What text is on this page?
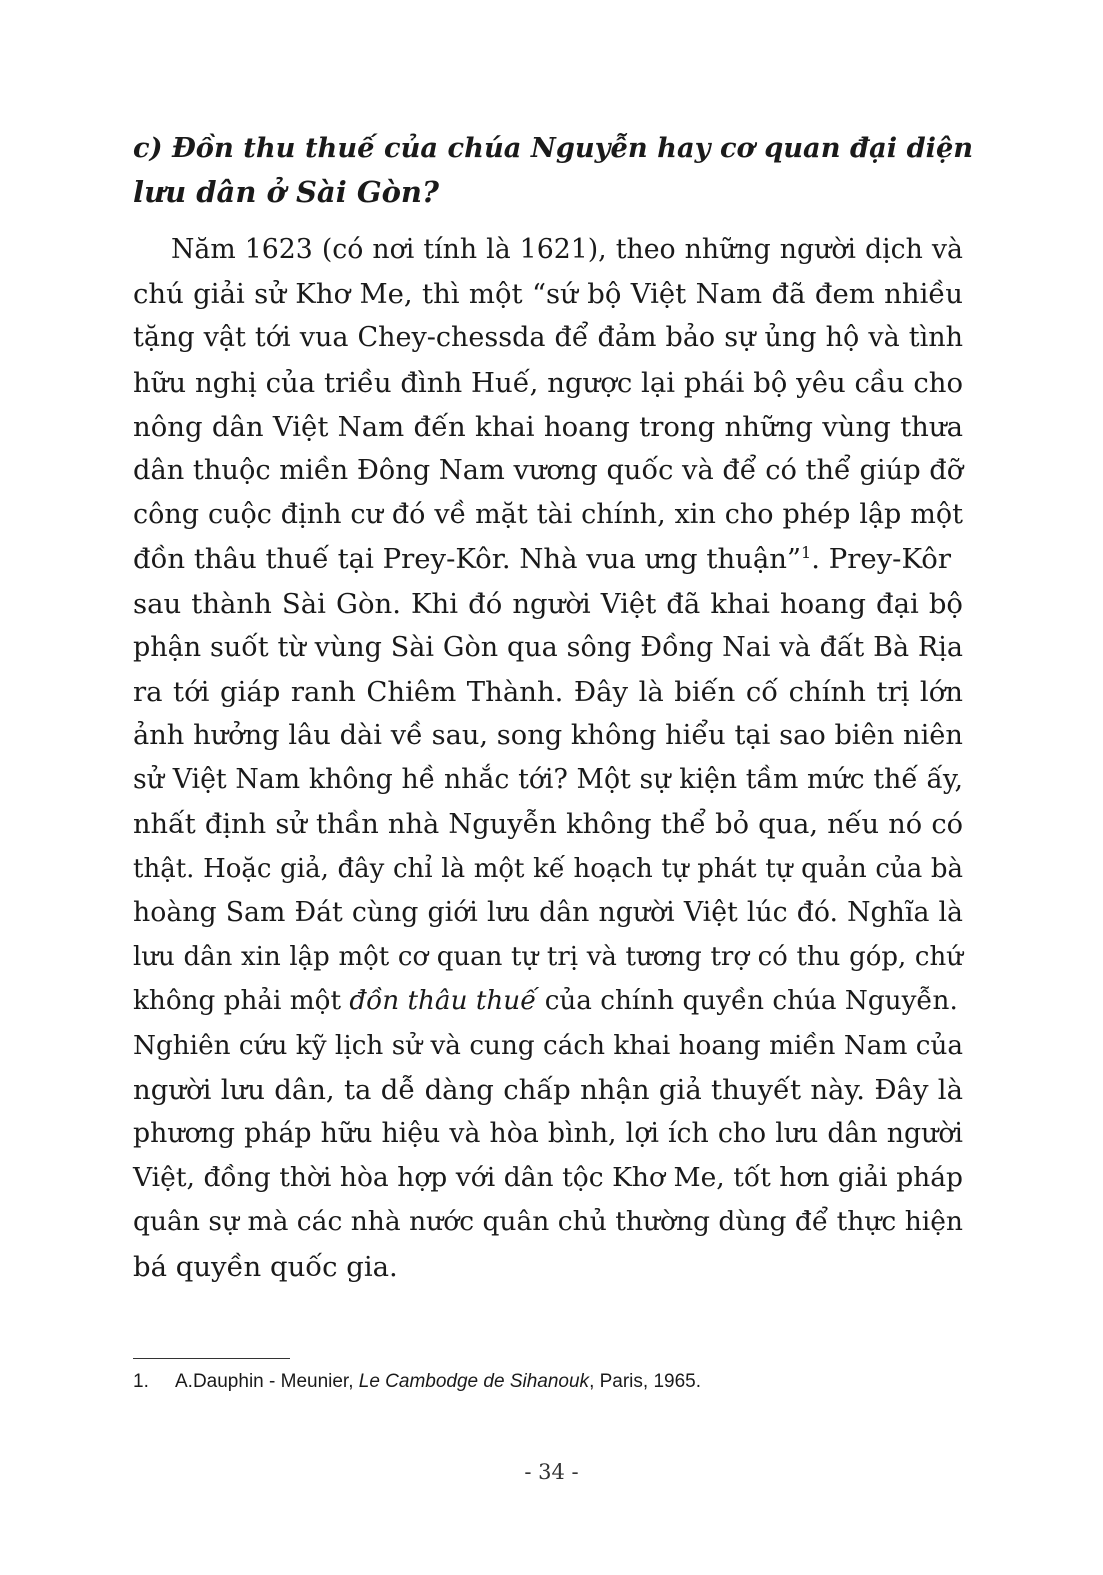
c) Đồn thu thuế của chúa Nguyễn hay cơ quan đại diện
lưu dân ở Sài Gòn?
Năm 1623 (có nơi tính là 1621), theo những người dịch và
chú giải sử Khơ Me, thì một “sứ bộ Việt Nam đã đem nhiều
tặng vật tới vua Chey-chessda để đảm bảo sự ủng hộ và tình
hữu nghị của triều đình Huế, ngược lại phái bộ yêu cầu cho
nông dân Việt Nam đến khai hoang trong những vùng thưa
dân thuộc miền Đông Nam vương quốc và để có thể giúp đỡ
công cuộc định cư đó về mặt tài chính, xin cho phép lập một
đồn thâu thuế tại Prey-Kôr. Nhà vua ưng thuận”$^1$. Prey-Kôr
sau thành Sài Gòn. Khi đó người Việt đã khai hoang đại bộ
phận suốt từ vùng Sài Gòn qua sông Đồng Nai và đất Bà Rịa
ra tới giáp ranh Chiêm Thành. Đây là biến cố chính trị lớn
ảnh hưởng lâu dài về sau, song không hiểu tại sao biên niên
sử Việt Nam không hề nhắc tới? Một sự kiện tầm mức thế ấy,
nhất định sử thần nhà Nguyễn không thể bỏ qua, nếu nó có
thật. Hoặc giả, đây chỉ là một kế hoạch tự phát tự quản của bà
hoàng Sam Đát cùng giới lưu dân người Việt lúc đó. Nghĩa là
lưu dân xin lập một cơ quan tự trị và tương trợ có thu góp, chứ
không phải một đồn thâu thuế của chính quyền chúa Nguyễn.
Nghiên cứu kỹ lịch sử và cung cách khai hoang miền Nam của
người lưu dân, ta dễ dàng chấp nhận giả thuyết này. Đây là
phương pháp hữu hiệu và hòa bình, lợi ích cho lưu dân người
Việt, đồng thời hòa hợp với dân tộc Khơ Me, tốt hơn giải pháp
quân sự mà các nhà nước quân chủ thường dùng để thực hiện
bá quyền quốc gia.

1. A.Dauphin - Meunier, Le Cambodge de Sihanouk, Paris, 1965.

- 34 -
